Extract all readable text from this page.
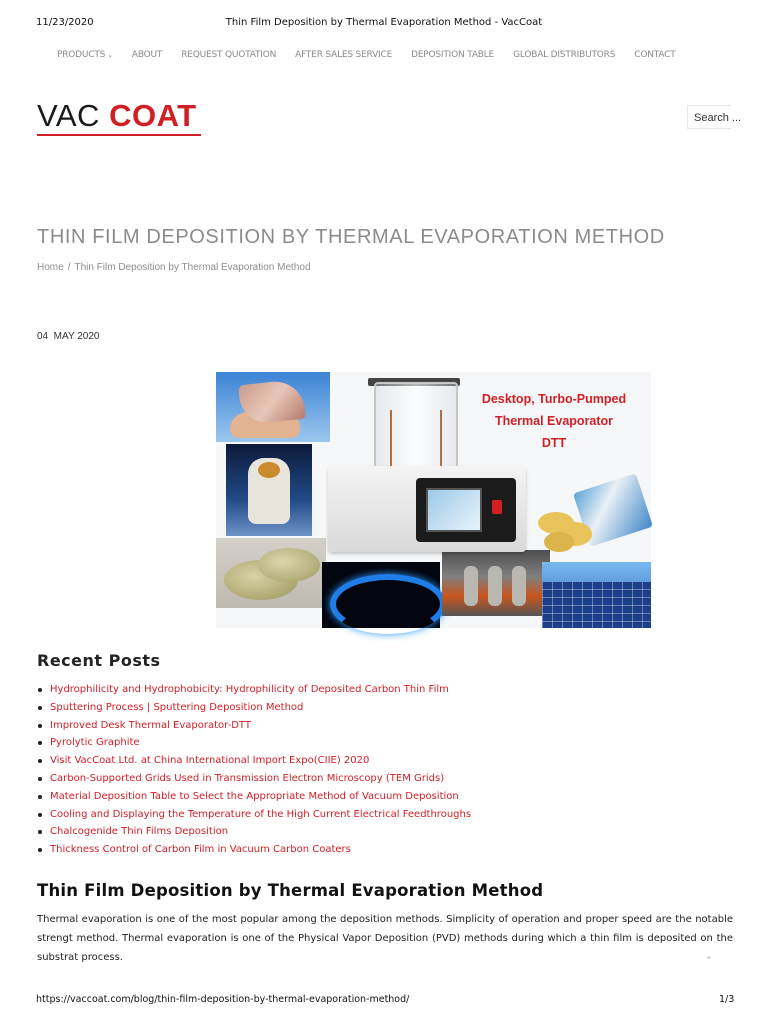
Thin Film Deposition by Thermal Evaporation Method - VacCoat
11/23/2020
PRODUCTS ⌄ ABOUT REQUEST QUOTATION AFTER SALES SERVICE DEPOSITION TABLE GLOBAL DISTRIBUTORS CONTACT
VAC COAT	Search ...
THIN FILM DEPOSITION BY THERMAL EVAPORATION METHOD
Home / Thin Film Deposition by Thermal Evaporation Method
04  MAY 2020
Desktop, Turbo-Pumped
Thermal Evaporator
DTT
Recent Posts
Hydrophilicity and Hydrophobicity: Hydrophilicity of Deposited Carbon Thin Film
Sputtering Process | Sputtering Deposition Method
Improved Desk Thermal Evaporator-DTT
Pyrolytic Graphite
Visit VacCoat Ltd. at China International Import Expo(CIIE) 2020
Carbon-Supported Grids Used in Transmission Electron Microscopy (TEM Grids)
Material Deposition Table to Select the Appropriate Method of Vacuum Deposition
Cooling and Displaying the Temperature of the High Current Electrical Feedthroughs
Chalcogenide Thin Films Deposition
Thickness Control of Carbon Film in Vacuum Carbon Coaters
Thin Film Deposition by Thermal Evaporation Method

Thermal evaporation is one of the most popular among the deposition methods. Simplicity of operation and proper speed are the notable strengt method. Thermal evaporation is one of the Physical Vapor Deposition (PVD) methods during which a thin film is deposited on the substrat process.	⌃
https://vaccoat.com/blog/thin-film-deposition-by-thermal-evaporation-method/	1/3
